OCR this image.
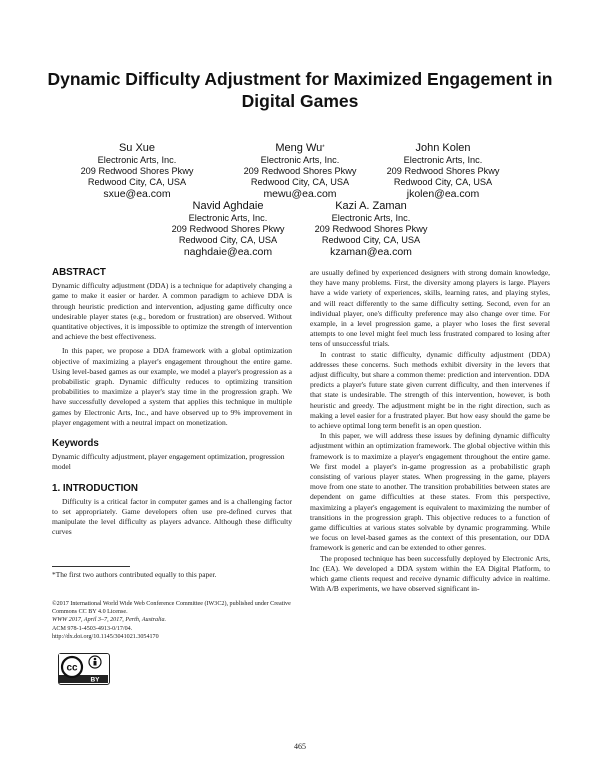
Dynamic Difficulty Adjustment for Maximized Engagement in Digital Games
Su Xue
Electronic Arts, Inc.
209 Redwood Shores Pkwy
Redwood City, CA, USA
sxue@ea.com
Meng Wu*
Electronic Arts, Inc.
209 Redwood Shores Pkwy
Redwood City, CA, USA
mewu@ea.com
John Kolen
Electronic Arts, Inc.
209 Redwood Shores Pkwy
Redwood City, CA, USA
jkolen@ea.com
Navid Aghdaie
Electronic Arts, Inc.
209 Redwood Shores Pkwy
Redwood City, CA, USA
naghdaie@ea.com
Kazi A. Zaman
Electronic Arts, Inc.
209 Redwood Shores Pkwy
Redwood City, CA, USA
kzaman@ea.com

ABSTRACT

Dynamic difficulty adjustment (DDA) is a technique for adaptively changing a game to make it easier or harder. A common paradigm to achieve DDA is through heuristic prediction and intervention, adjusting game difficulty once undesirable player states (e.g., boredom or frustration) are observed. Without quantitative objectives, it is impossible to optimize the strength of intervention and achieve the best effectiveness.

In this paper, we propose a DDA framework with a global optimization objective of maximizing a player's engagement throughout the entire game. Using level-based games as our example, we model a player's progression as a probabilistic graph. Dynamic difficulty reduces to optimizing transition probabilities to maximize a player's stay time in the progression graph. We have successfully developed a system that applies this technique in multiple games by Electronic Arts, Inc., and have observed up to 9% improvement in player engagement with a neutral impact on monetization.

Keywords

Dynamic difficulty adjustment, player engagement optimization, progression model

1. INTRODUCTION

Difficulty is a critical factor in computer games and is a challenging factor to set appropriately. Game developers often use pre-defined curves that manipulate the level difficulty as players advance. Although these difficulty curves

*The first two authors contributed equally to this paper.
©2017 International World Wide Web Conference Committee (IW3C2), published under Creative Commons CC BY 4.0 License.
WWW 2017, April 3–7, 2017, Perth, Australia.
ACM 978-1-4503-4913-0/17/04.
http://dx.doi.org/10.1145/3041021.3054170
cc
BY

are usually defined by experienced designers with strong domain knowledge, they have many problems. First, the diversity among players is large. Players have a wide variety of experiences, skills, learning rates, and playing styles, and will react differently to the same difficulty setting. Second, even for an individual player, one's difficulty preference may also change over time. For example, in a level progression game, a player who loses the first several attempts to one level might feel much less frustrated compared to losing after tens of unsuccessful trials.

In contrast to static difficulty, dynamic difficulty adjustment (DDA) addresses these concerns. Such methods exhibit diversity in the levers that adjust difficulty, but share a common theme: prediction and intervention. DDA predicts a player's future state given current difficulty, and then intervenes if that state is undesirable. The strength of this intervention, however, is both heuristic and greedy. The adjustment might be in the right direction, such as making a level easier for a frustrated player. But how easy should the game be to achieve optimal long term benefit is an open question.

In this paper, we will address these issues by defining dynamic difficulty adjustment within an optimization framework. The global objective within this framework is to maximize a player's engagement throughout the entire game. We first model a player's in-game progression as a probabilistic graph consisting of various player states. When progressing in the game, players move from one state to another. The transition probabilities between states are dependent on game difficulties at these states. From this perspective, maximizing a player's engagement is equivalent to maximizing the number of transitions in the progression graph. This objective reduces to a function of game difficulties at various states solvable by dynamic programming. While we focus on level-based games as the context of this presentation, our DDA framework is generic and can be extended to other genres.

The proposed technique has been successfully deployed by Electronic Arts, Inc (EA). We developed a DDA system within the EA Digital Platform, to which game clients request and receive dynamic difficulty advice in realtime. With A/B experiments, we have observed significant in-

465
